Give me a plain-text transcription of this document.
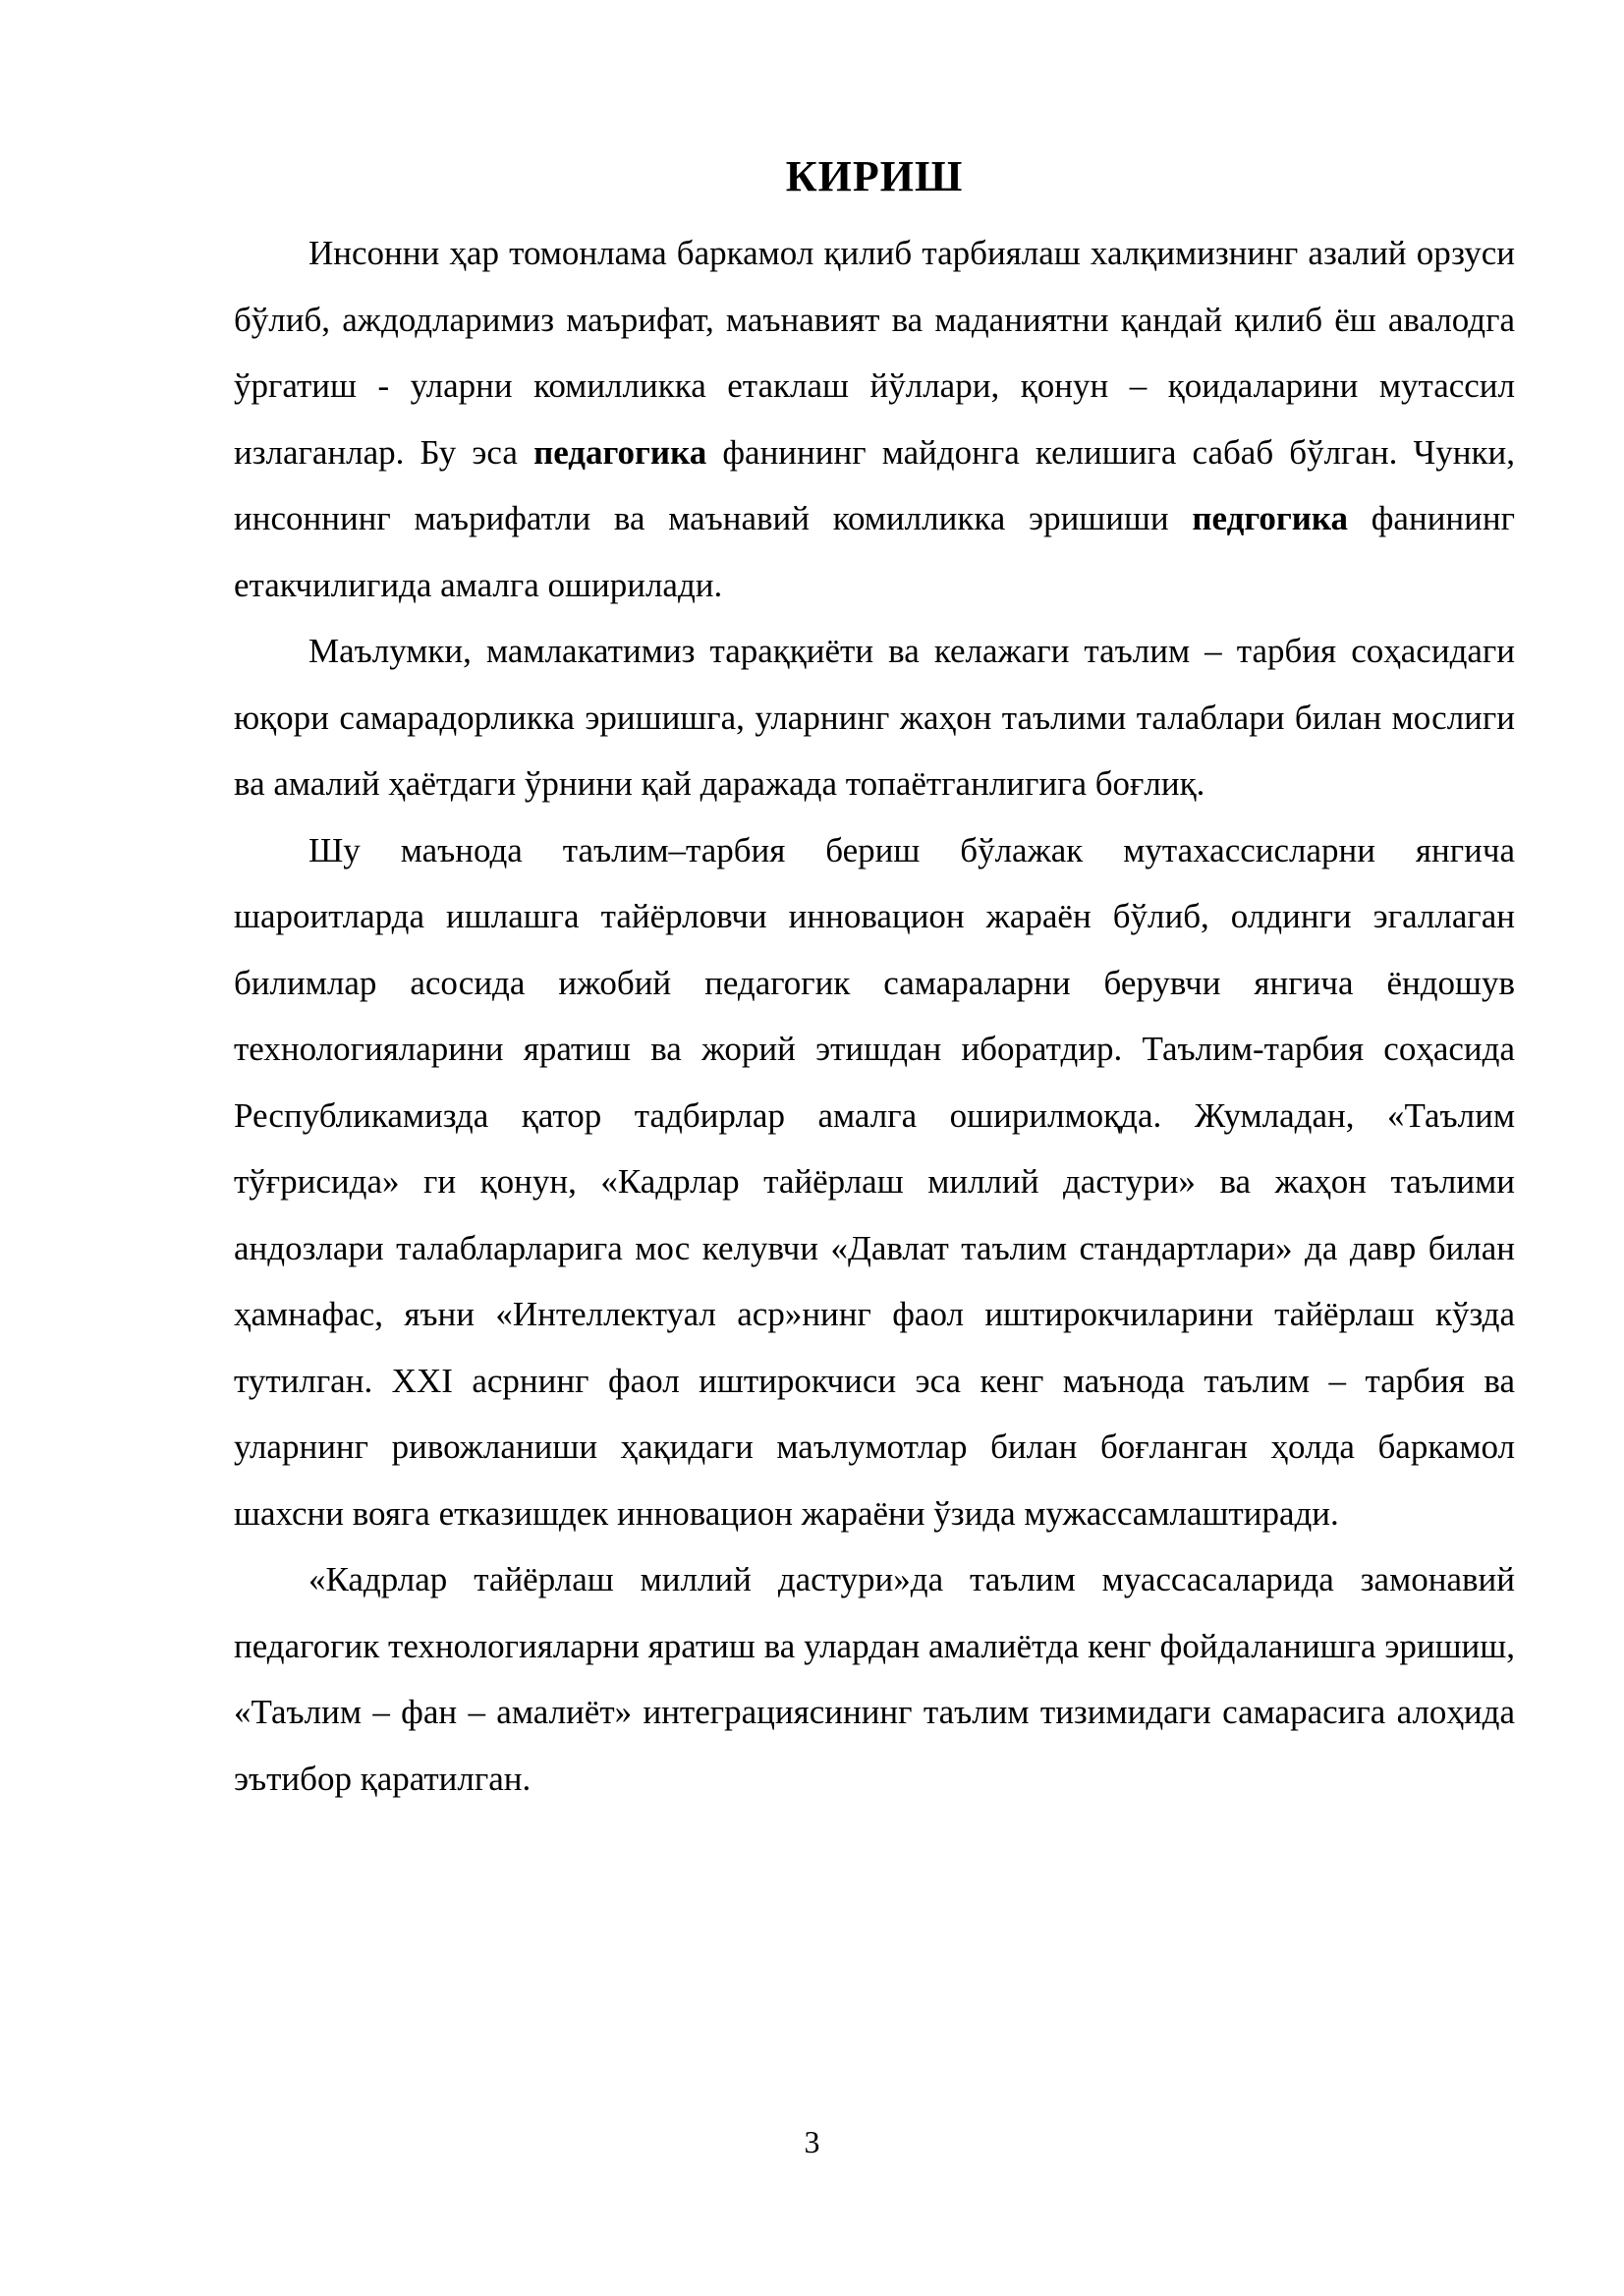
КИРИШ

Инсонни ҳар томонлама баркамол қилиб тарбиялаш халқимизнинг азалий орзуси бўлиб, аждодларимиз маърифат, маънавият ва маданиятни қандай қилиб ёш авалодга ўргатиш - уларни комилликка етаклаш йўллари, қонун – қоидаларини мутассил излаганлар. Бу эса педагогика фанининг майдонга келишига сабаб бўлган. Чунки, инсоннинг маърифатли ва маънавий комилликка эришиши педгогика фанининг етакчилигида амалга оширилади.

Маълумки, мамлакатимиз тараққиёти ва келажаги таълим – тарбия соҳасидаги юқори самарадорликка эришишга, уларнинг жаҳон таълими талаблари билан мослиги ва амалий ҳаётдаги ўрнини қай даражада топаётганлигига боғлиқ.

Шу маънода таълим–тарбия бериш бўлажак мутахассисларни янгича шароитларда ишлашга тайёрловчи инновацион жараён бўлиб, олдинги эгаллаган билимлар асосида ижобий педагогик самараларни берувчи янгича ёндошув технологияларини яратиш ва жорий этишдан иборатдир. Таълим-тарбия соҳасида Республикамизда қатор тадбирлар амалга оширилмоқда. Жумладан, «Таълим тўғрисида» ги қонун, «Кадрлар тайёрлаш миллий дастури» ва жаҳон таълими андозлари талабларларига мос келувчи «Давлат таълим стандартлари» да давр билан ҳамнафас, яъни «Интеллектуал аср»нинг фаол иштирокчиларини тайёрлаш кўзда тутилган. XXI асрнинг фаол иштирокчиси эса кенг маънода таълим – тарбия ва уларнинг ривожланиши ҳақидаги маълумотлар билан боғланган ҳолда баркамол шахсни вояга етказишдек инновацион жараёни ўзида мужассамлаштиради.

«Кадрлар тайёрлаш миллий дастури»да таълим муассасаларида замонавий педагогик технологияларни яратиш ва улардан амалиётда кенг фойдаланишга эришиш, «Таълим – фан – амалиёт» интеграциясининг таълим тизимидаги самарасига алоҳида эътибор қаратилган.

3
